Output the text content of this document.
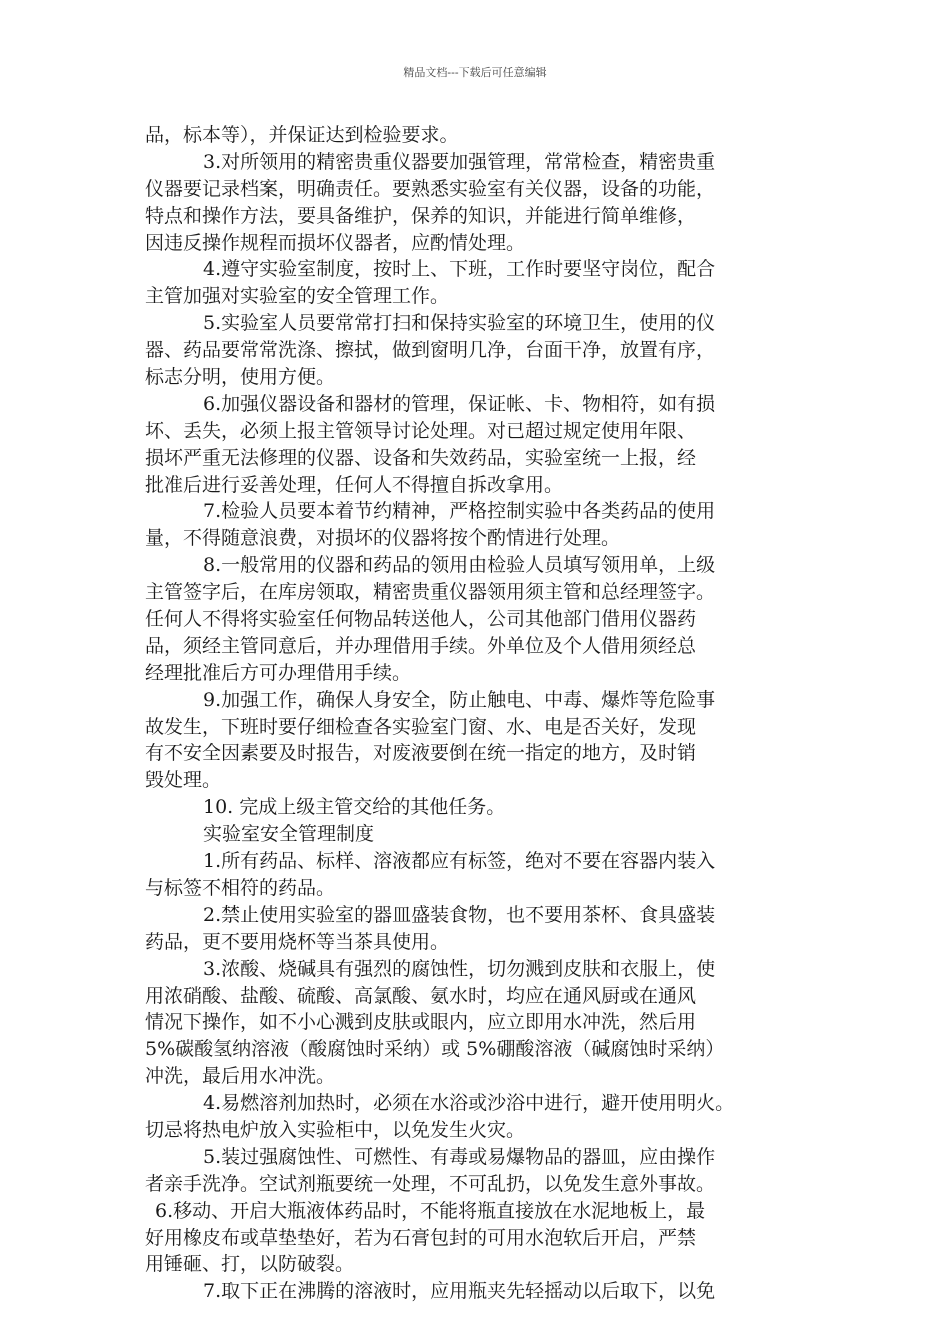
精品文档---下载后可任意编辑
品，标本等），并保证达到检验要求。
3.对所领用的精密贵重仪器要加强管理，常常检查，精密贵重
仪器要记录档案，明确责任。要熟悉实验室有关仪器，设备的功能，
特点和操作方法，要具备维护，保养的知识，并能进行简单维修，
因违反操作规程而损坏仪器者，应酌情处理。
4.遵守实验室制度，按时上、下班，工作时要坚守岗位，配合
主管加强对实验室的安全管理工作。
5.实验室人员要常常打扫和保持实验室的环境卫生，使用的仪
器、药品要常常洗涤、擦拭，做到窗明几净，台面干净，放置有序，
标志分明，使用方便。
6.加强仪器设备和器材的管理，保证帐、卡、物相符，如有损
坏、丢失，必须上报主管领导讨论处理。对已超过规定使用年限、
损坏严重无法修理的仪器、设备和失效药品，实验室统一上报，经
批准后进行妥善处理，任何人不得擅自拆改拿用。
7.检验人员要本着节约精神，严格控制实验中各类药品的使用
量，不得随意浪费，对损坏的仪器将按个酌情进行处理。
8.一般常用的仪器和药品的领用由检验人员填写领用单，上级
主管签字后，在库房领取，精密贵重仪器领用须主管和总经理签字。
任何人不得将实验室任何物品转送他人，公司其他部门借用仪器药
品，须经主管同意后，并办理借用手续。外单位及个人借用须经总
经理批准后方可办理借用手续。
9.加强工作，确保人身安全，防止触电、中毒、爆炸等危险事
故发生，下班时要仔细检查各实验室门窗、水、电是否关好，发现
有不安全因素要及时报告，对废液要倒在统一指定的地方，及时销
毁处理。
10. 完成上级主管交给的其他任务。
实验室安全管理制度
1.所有药品、标样、溶液都应有标签，绝对不要在容器内装入
与标签不相符的药品。
2.禁止使用实验室的器皿盛装食物，也不要用茶杯、食具盛装
药品，更不要用烧杯等当茶具使用。
3.浓酸、烧碱具有强烈的腐蚀性，切勿溅到皮肤和衣服上，使
用浓硝酸、盐酸、硫酸、高氯酸、氨水时，均应在通风厨或在通风
情况下操作，如不小心溅到皮肤或眼内，应立即用水冲洗，然后用
5%碳酸氢纳溶液（酸腐蚀时采纳）或 5%硼酸溶液（碱腐蚀时采纳）
冲洗，最后用水冲洗。
4.易燃溶剂加热时，必须在水浴或沙浴中进行，避开使用明火。
切忌将热电炉放入实验柜中，以免发生火灾。
5.装过强腐蚀性、可燃性、有毒或易爆物品的器皿，应由操作
者亲手洗净。空试剂瓶要统一处理，不可乱扔，以免发生意外事故。
6.移动、开启大瓶液体药品时，不能将瓶直接放在水泥地板上，最
好用橡皮布或草垫垫好，若为石膏包封的可用水泡软后开启，严禁
用锤砸、打，以防破裂。
7.取下正在沸腾的溶液时，应用瓶夹先轻摇动以后取下，以免
